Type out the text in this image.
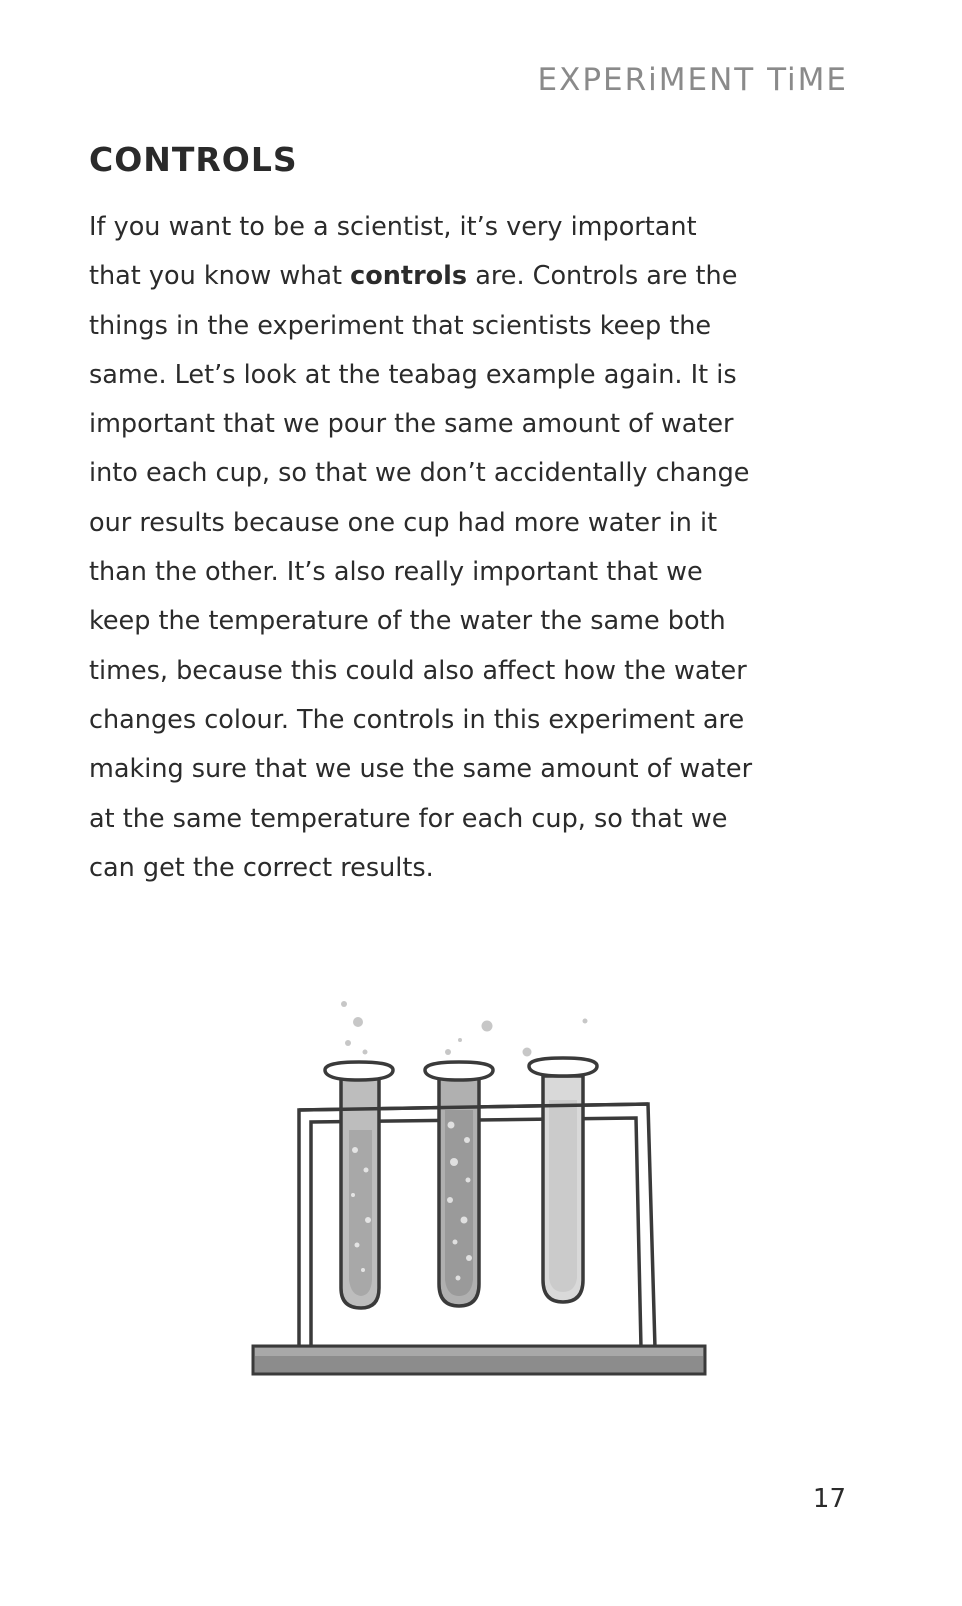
EXPERiMENT TiME
CONTROLS
If you want to be a scientist, it’s very important
that you know what controls are. Controls are the
things in the experiment that scientists keep the
same. Let’s look at the teabag example again. It is
important that we pour the same amount of water
into each cup, so that we don’t accidentally change
our results because one cup had more water in it
than the other. It’s also really important that we
keep the temperature of the water the same both
times, because this could also affect how the water
changes colour. The controls in this experiment are
making sure that we use the same amount of water
at the same temperature for each cup, so that we
can get the correct results.
17
